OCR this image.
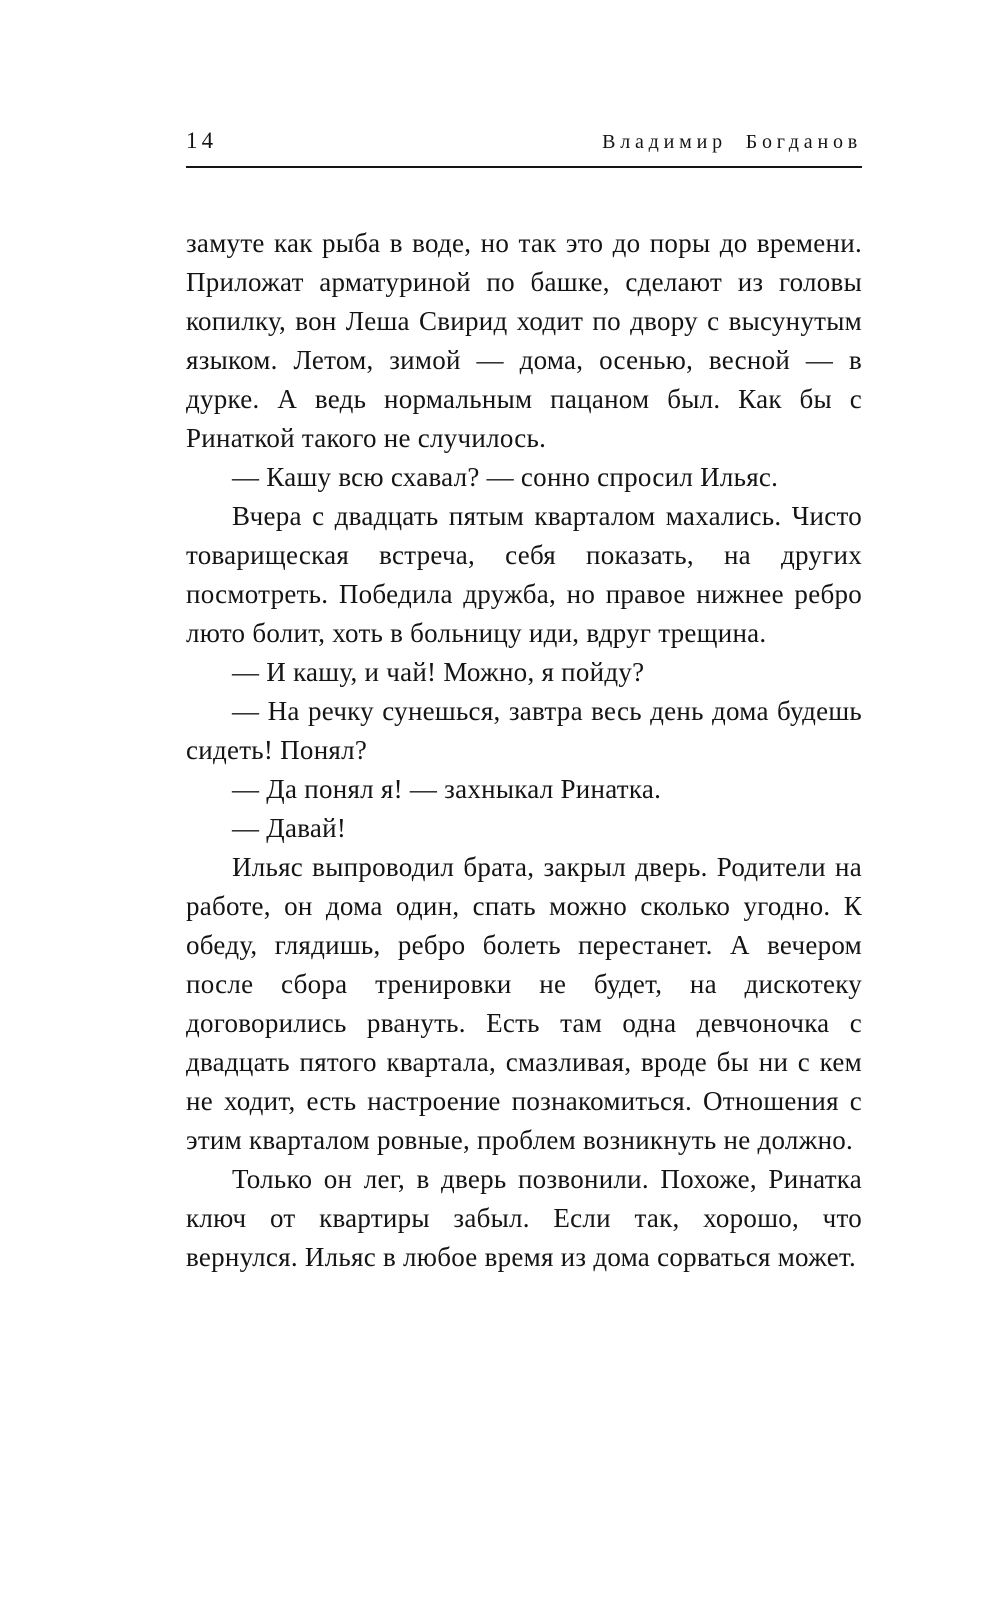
14	Владимир Богданов

замуте как рыба в воде, но так это до поры до времени. Приложат арматуриной по башке, сделают из головы копилку, вон Леша Свирид ходит по двору с высунутым языком. Летом, зимой — дома, осенью, весной — в дурке. А ведь нормальным пацаном был. Как бы с Ринаткой такого не случилось.

— Кашу всю схавал? — сонно спросил Ильяс.

Вчера с двадцать пятым кварталом махались. Чисто товарищеская встреча, себя показать, на других посмотреть. Победила дружба, но правое нижнее ребро люто болит, хоть в больницу иди, вдруг трещина.

— И кашу, и чай! Можно, я пойду?

— На речку сунешься, завтра весь день дома будешь сидеть! Понял?

— Да понял я! — захныкал Ринатка.

— Давай!

Ильяс выпроводил брата, закрыл дверь. Родители на работе, он дома один, спать можно сколько угодно. К обеду, глядишь, ребро болеть перестанет. А вечером после сбора тренировки не будет, на дискотеку договорились рвануть. Есть там одна девчоночка с двадцать пятого квартала, смазливая, вроде бы ни с кем не ходит, есть настроение познакомиться. Отношения с этим кварталом ровные, проблем возникнуть не должно.

Только он лег, в дверь позвонили. Похоже, Ринатка ключ от квартиры забыл. Если так, хорошо, что вернулся. Ильяс в любое время из дома сорваться может.
